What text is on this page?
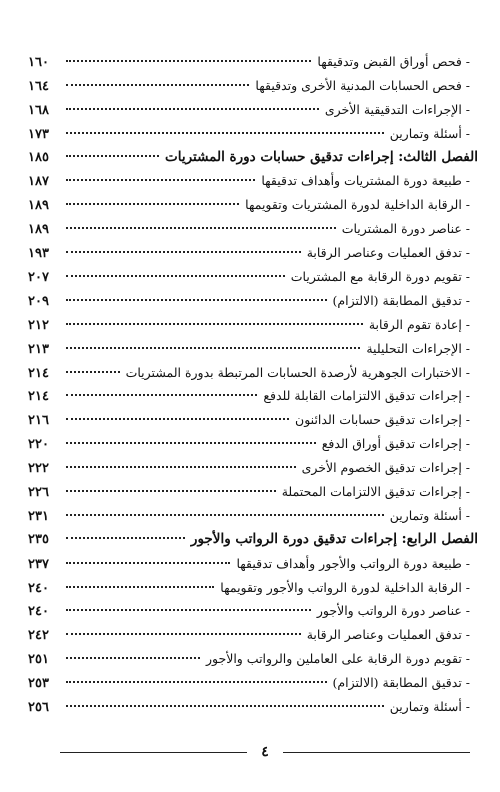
- فحص أوراق القبض وتدقيقها
١٦٠
- فحص الحسابات المدنية الأخرى وتدقيقها
١٦٤
- الإجراءات التدقيقية الأخرى
١٦٨
- أسئلة وتمارين
١٧٣
الفصل الثالث: إجراءات تدقيق حسابات دورة المشتريات
١٨٥
- طبيعة دورة المشتريات وأهداف تدقيقها
١٨٧
- الرقابة الداخلية لدورة المشتريات وتقويمها
١٨٩
- عناصر دورة المشتريات
١٨٩
- تدفق العمليات وعناصر الرقابة
١٩٣
- تقويم دورة الرقابة مع المشتريات
٢٠٧
- تدقيق المطابقة (الالتزام)
٢٠٩
- إعادة تقوم الرقابة
٢١٢
- الإجراءات التحليلية
٢١٣
- الاختبارات الجوهرية لأرصدة الحسابات المرتبطة بدورة المشتريات
٢١٤
- إجراءات تدقيق الالتزامات القابلة للدفع
٢١٤
- إجراءات تدقيق حسابات الدائنون
٢١٦
- إجراءات تدقيق أوراق الدفع
٢٢٠
- إجراءات تدقيق الخصوم الأخرى
٢٢٢
- إجراءات تدقيق الالتزامات المحتملة
٢٢٦
- أسئلة وتمارين
٢٣١
الفصل الرابع: إجراءات تدقيق دورة الرواتب والأجور
٢٣٥
- طبيعة دورة الرواتب والأجور وأهداف تدقيقها
٢٣٧
- الرقابة الداخلية لدورة الرواتب والأجور وتقويمها
٢٤٠
- عناصر دورة الرواتب والأجور
٢٤٠
- تدفق العمليات وعناصر الرقابة
٢٤٢
- تقويم دورة الرقابة على العاملين والرواتب والأجور
٢٥١
- تدقيق المطابقة (الالتزام)
٢٥٣
- أسئلة وتمارين
٢٥٦
٤
